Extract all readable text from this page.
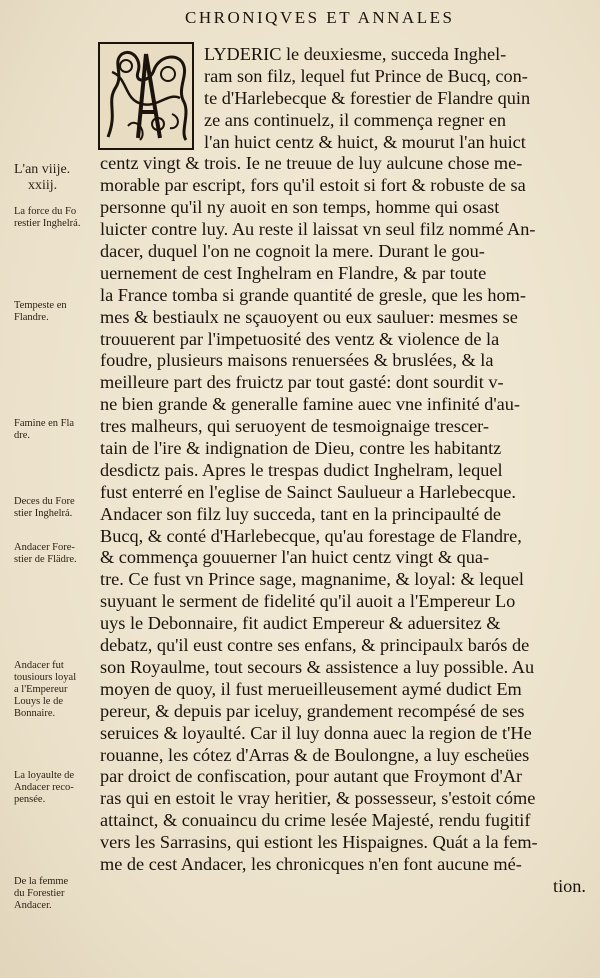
CHRONIQVES ET ANNALES
LYDERIC le deuxiesme, succeda Inghel-
ram son filz, lequel fut Prince de Bucq, con-
te d'Harlebecque & forestier de Flandre quin
ze ans continuelz, il commença regner en
l'an huict centz & huict, & mourut l'an huict
centz vingt & trois. Ie ne treuue de luy aulcune chose me-
morable par escript, fors qu'il estoit si fort & robuste de sa
personne qu'il ny auoit en son temps, homme qui osast
luicter contre luy. Au reste il laissat vn seul filz nommé An-
dacer, duquel l'on ne cognoit la mere. Durant le gou-
uernement de cest Inghelram en Flandre, & par toute
la France tomba si grande quantité de gresle, que les hom-
mes & bestiaulx ne sçauoyent ou eux sauluer: mesmes se
trouuerent par l'impetuosité des ventz & violence de la
foudre, plusieurs maisons renuersées & bruslées, & la
meilleure part des fruictz par tout gasté: dont sourdit v-
ne bien grande & generalle famine auec vne infinité d'au-
tres malheurs, qui seruoyent de tesmoignaige trescer-
tain de l'ire & indignation de Dieu, contre les habitantz
desdictz pais. Apres le trespas dudict Inghelram, lequel
fust enterré en l'eglise de Sainct Saulueur a Harlebecque.
Andacer son filz luy succeda, tant en la principaulté de
Bucq, & conté d'Harlebecque, qu'au forestage de Flandre,
& commença gouuerner l'an huict centz vingt & qua-
tre. Ce fust vn Prince sage, magnanime, & loyal: & lequel
suyuant le serment de fidelité qu'il auoit a l'Empereur Lo
uys le Debonnaire, fit audict Empereur & aduersitez &
debatz, qu'il eust contre ses enfans, & principaulx barós de
son Royaulme, tout secours & assistence a luy possible. Au
moyen de quoy, il fust merueilleusement aymé dudict Em
pereur, & depuis par iceluy, grandement recompésé de ses
seruices & loyaulté. Car il luy donna auec la region de t'He
rouanne, les cótez d'Arras & de Boulongne, a luy escheües
par droict de confiscation, pour autant que Froymont d'Ar
ras qui en estoit le vray heritier, & possesseur, s'estoit cóme
attainct, & conuaincu du crime lesée Majesté, rendu fugitif
vers les Sarrasins, qui estiont les Hispaignes. Quát a la fem-
me de cest Andacer, les chronicques n'en font aucune mé-
tion.
L'an viije.
xxiij.
La force du Fo
restier Inghelrá.
Tempeste en
Flandre.
Famine en Fla
dre.
Deces du Fore
stier Inghelrá.
Andacer Fore-
stier de Flädre.
Andacer fut
tousiours loyal
a l'Empereur
Louys le de
Bonnaire.
La loyaulte de
Andacer reco-
pensée.
De la femme
du Forestier
Andacer.
